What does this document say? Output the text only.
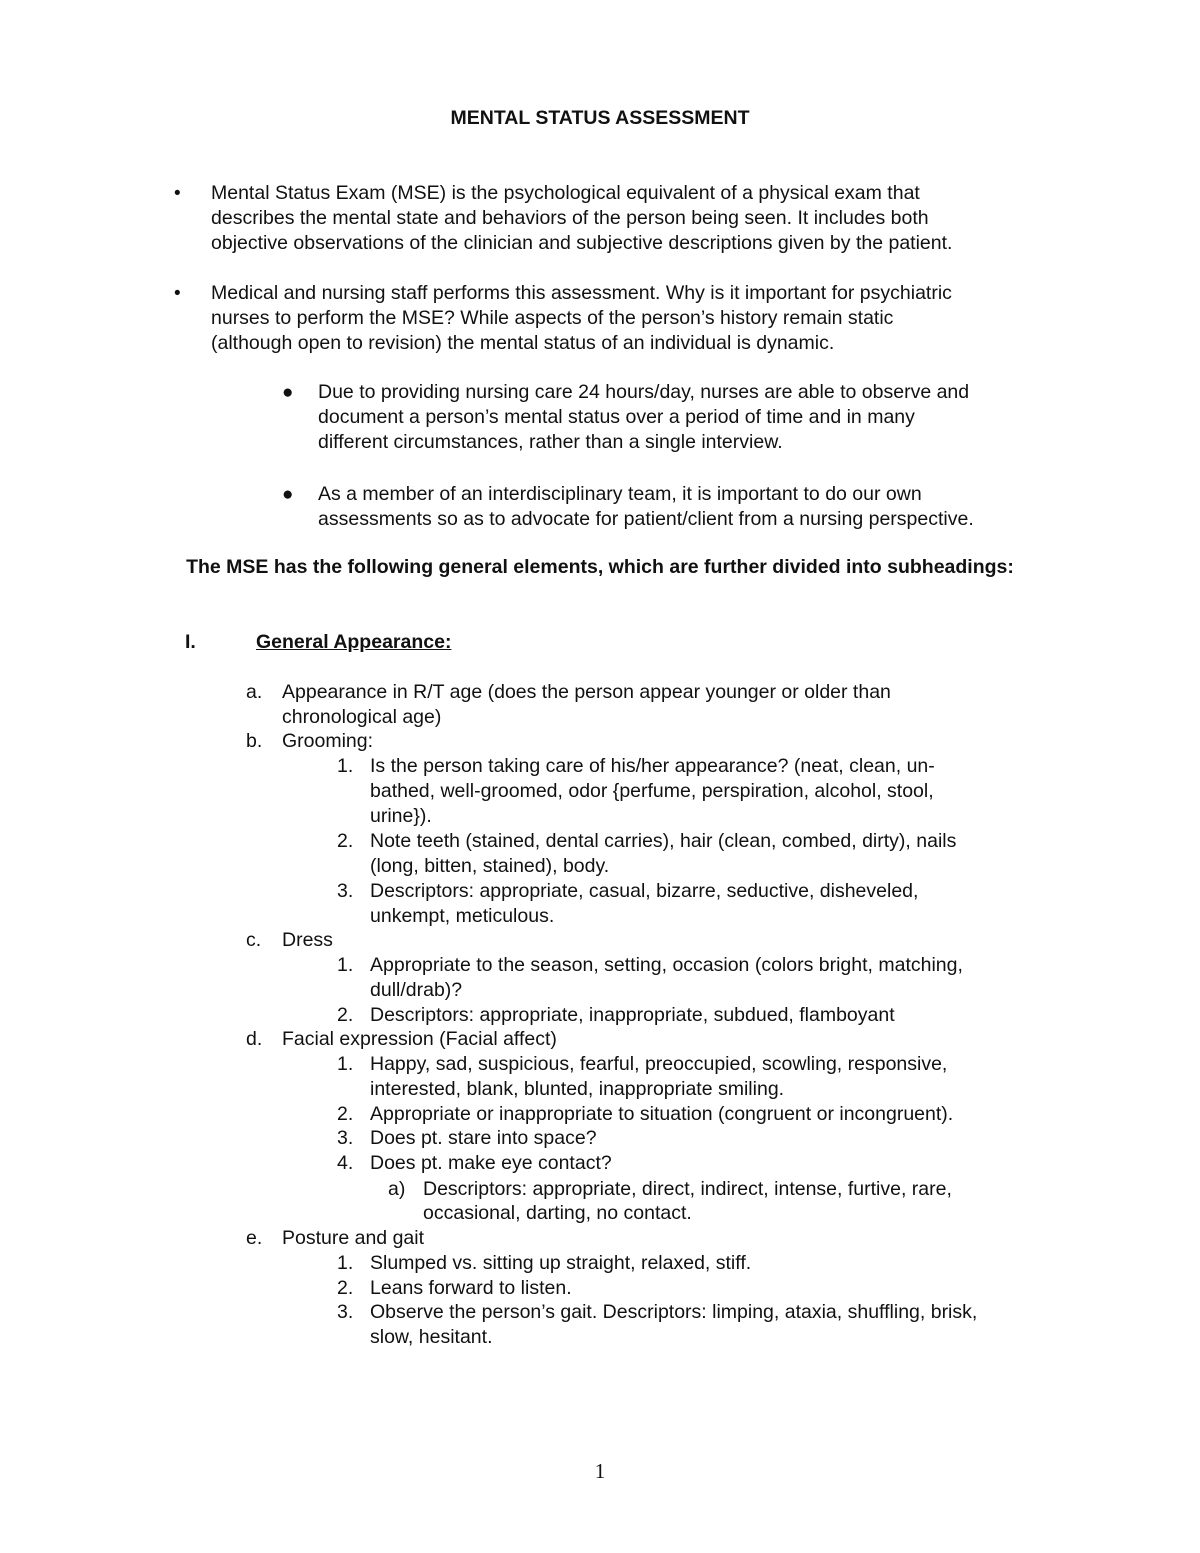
MENTAL STATUS ASSESSMENT
• Mental Status Exam (MSE) is the psychological equivalent of a physical exam that
describes the mental state and behaviors of the person being seen. It includes both
objective observations of the clinician and subjective descriptions given by the patient.
• Medical and nursing staff performs this assessment. Why is it important for psychiatric
nurses to perform the MSE? While aspects of the person’s history remain static
(although open to revision) the mental status of an individual is dynamic.
● Due to providing nursing care 24 hours/day, nurses are able to observe and
document a person’s mental status over a period of time and in many
different circumstances, rather than a single interview.
● As a member of an interdisciplinary team, it is important to do our own
assessments so as to advocate for patient/client from a nursing perspective.
The MSE has the following general elements, which are further divided into subheadings:
I.	General Appearance:
a.	Appearance in R/T age (does the person appear younger or older than
chronological age)
b.	Grooming:
1. Is the person taking care of his/her appearance? (neat, clean, un-
bathed, well-groomed, odor {perfume, perspiration, alcohol, stool,
urine}).
2. Note teeth (stained, dental carries), hair (clean, combed, dirty), nails
(long, bitten, stained), body.
3. Descriptors: appropriate, casual, bizarre, seductive, disheveled,
unkempt, meticulous.
c.	Dress
1. Appropriate to the season, setting, occasion (colors bright, matching,
dull/drab)?
2. Descriptors: appropriate, inappropriate, subdued, flamboyant
d.	Facial expression (Facial affect)
1. Happy, sad, suspicious, fearful, preoccupied, scowling, responsive,
interested, blank, blunted, inappropriate smiling.
2. Appropriate or inappropriate to situation (congruent or incongruent).
3. Does pt. stare into space?
4. Does pt. make eye contact?
a) Descriptors: appropriate, direct, indirect, intense, furtive, rare,
occasional, darting, no contact.
e.	Posture and gait
1. Slumped vs. sitting up straight, relaxed, stiff.
2. Leans forward to listen.
3. Observe the person’s gait. Descriptors: limping, ataxia, shuffling, brisk,
slow, hesitant.
1
